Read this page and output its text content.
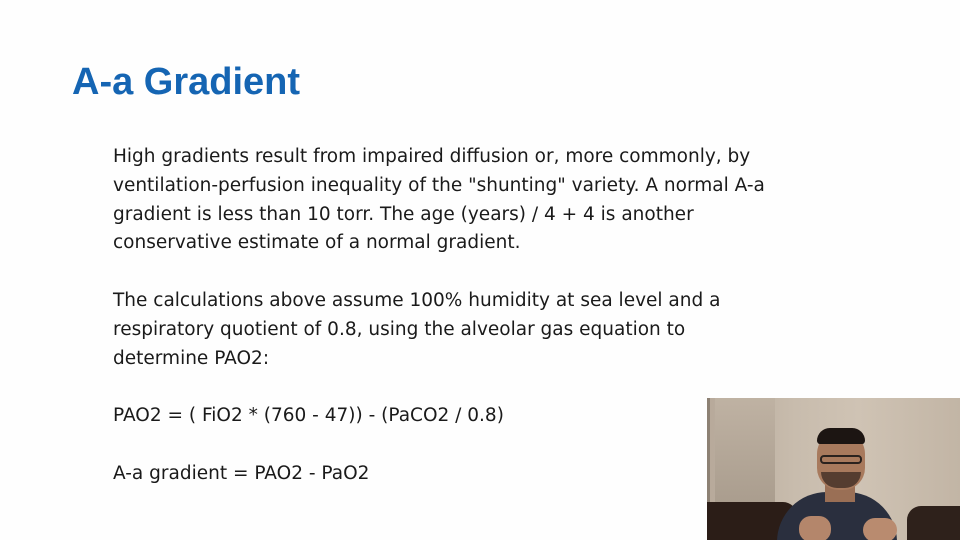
A-a Gradient

High gradients result from impaired diffusion or, more commonly, by ventilation-perfusion inequality of the "shunting" variety. A normal A-a gradient is less than 10 torr. The age (years) / 4 + 4 is another conservative estimate of a normal gradient.

The calculations above assume 100% humidity at sea level and a respiratory quotient of 0.8, using the alveolar gas equation to determine PAO2:

PAO2 = ( FiO2 * (760 - 47)) - (PaCO2 / 0.8)

A-a gradient = PAO2 - PaO2
